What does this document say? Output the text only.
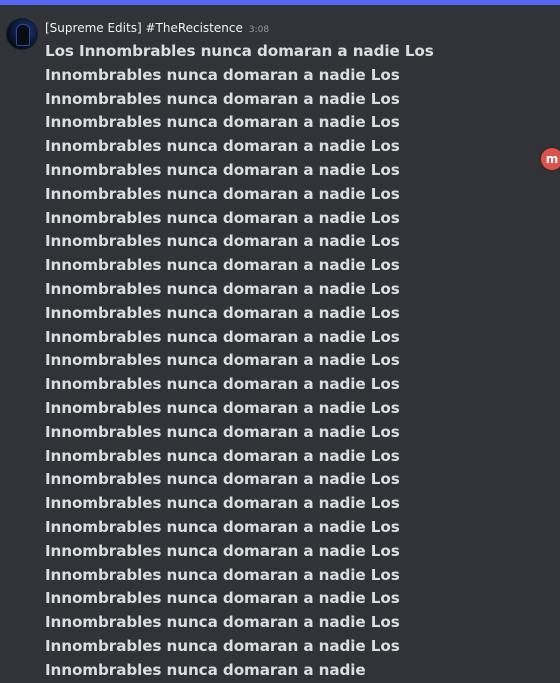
[Supreme Edits] #TheRecistence 3:08
Los Innombrables nunca domaran a nadie Los Innombrables nunca domaran a nadie Los Innombrables nunca domaran a nadie Los Innombrables nunca domaran a nadie Los Innombrables nunca domaran a nadie Los Innombrables nunca domaran a nadie Los Innombrables nunca domaran a nadie Los Innombrables nunca domaran a nadie Los Innombrables nunca domaran a nadie Los Innombrables nunca domaran a nadie Los Innombrables nunca domaran a nadie Los Innombrables nunca domaran a nadie Los Innombrables nunca domaran a nadie Los Innombrables nunca domaran a nadie Los Innombrables nunca domaran a nadie Los Innombrables nunca domaran a nadie Los Innombrables nunca domaran a nadie Los Innombrables nunca domaran a nadie Los Innombrables nunca domaran a nadie Los Innombrables nunca domaran a nadie Los Innombrables nunca domaran a nadie Los Innombrables nunca domaran a nadie Los Innombrables nunca domaran a nadie Los Innombrables nunca domaran a nadie Los Innombrables nunca domaran a nadie Los Innombrables nunca domaran a nadie Los Innombrables nunca domaran a nadie
m
